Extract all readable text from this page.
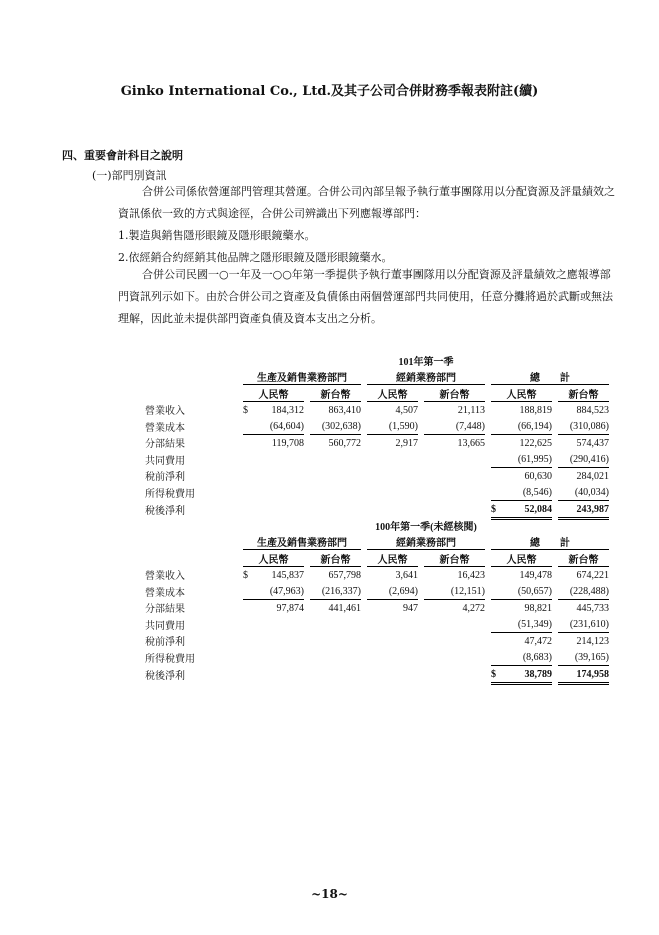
Ginko International Co., Ltd.及其子公司合併財務季報表附註(續)
四、重要會計科目之說明
(一)部門別資訊

合併公司係依營運部門管理其營運。合併公司內部呈報予執行董事團隊用以分配資源及評量績效之資訊係依一致的方式與途徑，合併公司辨識出下列應報導部門：

1.製造與銷售隱形眼鏡及隱形眼鏡藥水。
2.依經銷合約經銷其他品牌之隱形眼鏡及隱形眼鏡藥水。

合併公司民國一○一年及一○○年第一季提供予執行董事團隊用以分配資源及評量績效之應報導部門資訊列示如下。由於合併公司之資產及負債係由兩個營運部門共同使用，任意分攤將過於武斷或無法理解，因此並未提供部門資產負債及資本支出之分析。

	101年第一季													
	生產及銷售業務部門					經銷業務部門					總　　計			
	人民幣			新台幣		人民幣		新台幣			人民幣			新台幣
營業收入	$	184,312		863,410		4,507			21,113			188,819		884,523
營業成本		(64,604)		(302,638)		(1,590)			(7,448)			(66,194)		(310,086)
分部結果		119,708		560,772		2,917			13,665			122,625		574,437
共同費用												(61,995)		(290,416)
稅前淨利												60,630		284,021
所得稅費用												(8,546)		(40,034)
稅後淨利											$	52,084		243,987
	100年第一季(未經核閱)													
	生產及銷售業務部門					經銷業務部門					總　　計			
	人民幣			新台幣		人民幣		新台幣			人民幣			新台幣
營業收入	$	145,837		657,798		3,641			16,423			149,478		674,221
營業成本		(47,963)		(216,337)		(2,694)			(12,151)			(50,657)		(228,488)
分部結果		97,874		441,461		947			4,272			98,821		445,733
共同費用												(51,349)		(231,610)
稅前淨利												47,472		214,123
所得稅費用												(8,683)		(39,165)
稅後淨利											$	38,789		174,958
~18~
